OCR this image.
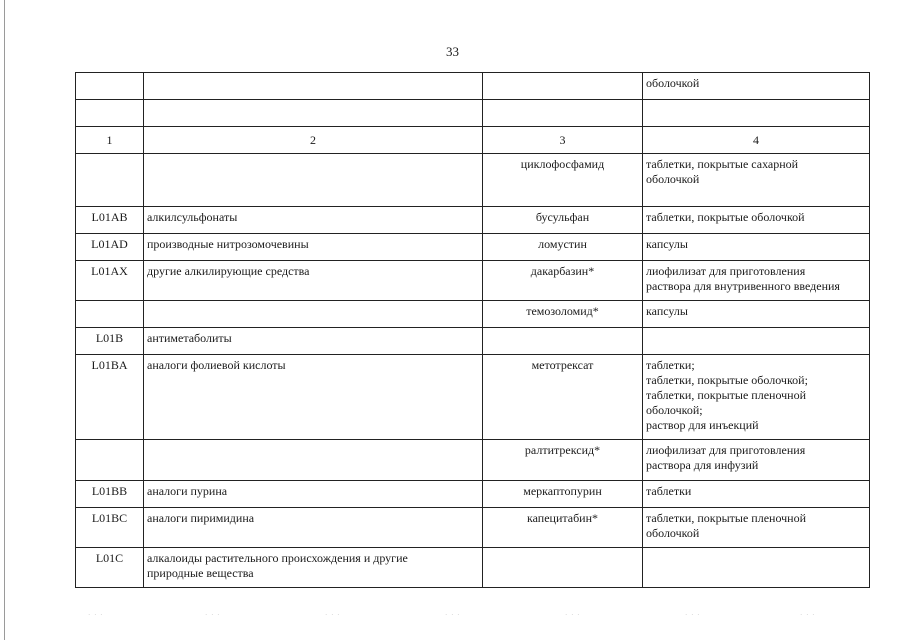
33
			оболочкой

1	2	3	4
		циклофосфамид	таблетки, покрытые сахарной
оболочкой

L01AB	алкилсульфонаты	бусульфан	таблетки, покрытые оболочкой

L01AD	производные нитрозомочевины	ломустин	капсулы

L01AX	другие алкилирующие средства	дакарбазин*	лиофилизат для приготовления
раствора для внутривенного введения

		темозоломид*	капсулы

L01B	антиметаболиты		
L01BA	аналоги фолиевой кислоты	метотрексат	таблетки;
таблетки, покрытые оболочкой;
таблетки, покрытые пленочной
оболочкой;
раствор для инъекций

		ралтитрексид*	лиофилизат для приготовления
раствора для инфузий

L01BB	аналоги пурина	меркаптопурин	таблетки

L01BC	аналоги пиримидина	капецитабин*	таблетки, покрытые пленочной
оболочкой

L01C	алкалоиды растительного происхождения и другие
природные вещества		

· · ·	· · ·	· · ·	· · ·	· · ·	· · ·	· · ·
